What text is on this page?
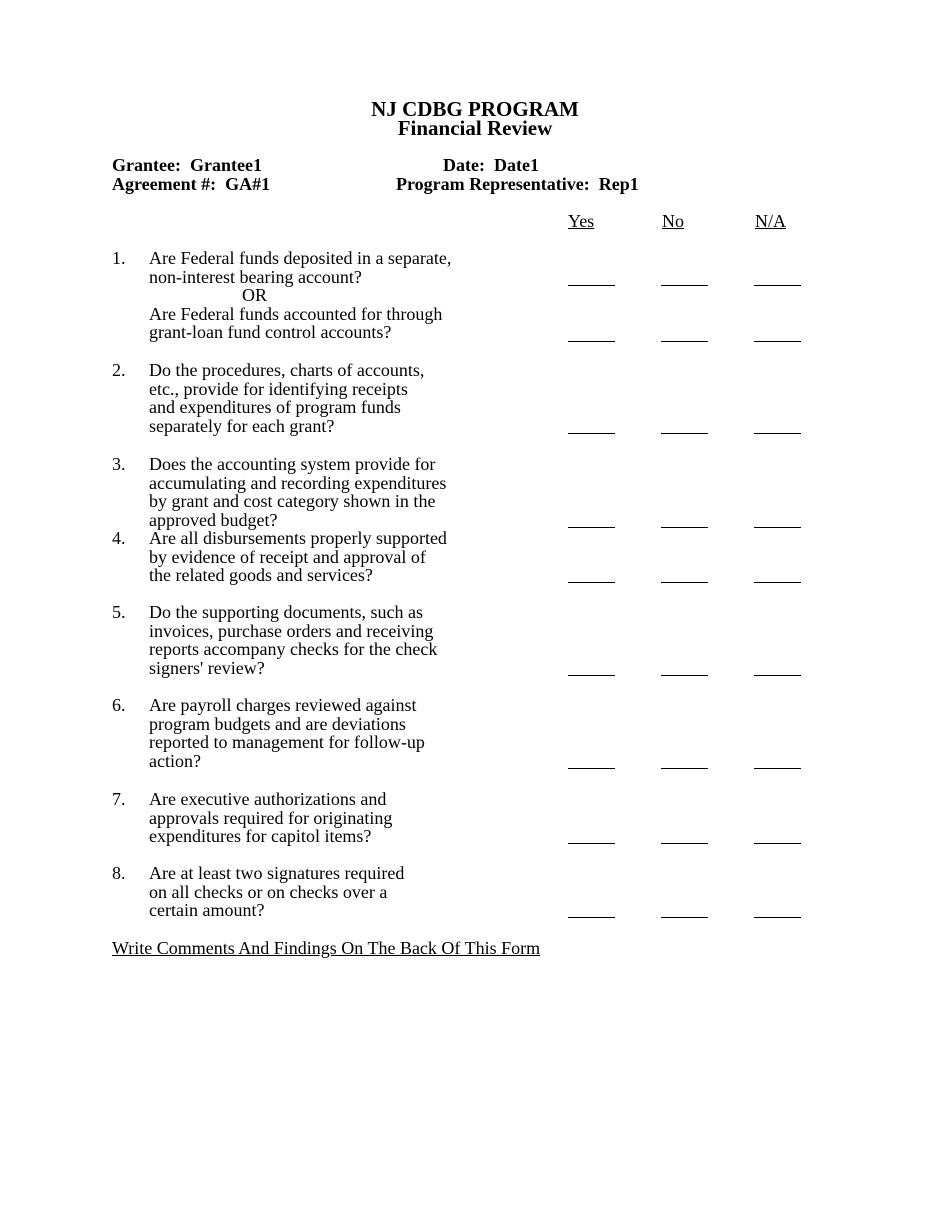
NJ CDBG PROGRAM
Financial Review
Grantee: Grantee1	Date: Date1
Agreement #: GA#1	Program Representative: Rep1
Yes	No	N/A
1. Are Federal funds deposited in a separate,
non-interest bearing account?
OR
Are Federal funds accounted for through
grant-loan fund control accounts?
2. Do the procedures, charts of accounts,
etc., provide for identifying receipts
and expenditures of program funds
separately for each grant?
3. Does the accounting system provide for
accumulating and recording expenditures
by grant and cost category shown in the
approved budget?
4. Are all disbursements properly supported
by evidence of receipt and approval of
the related goods and services?
5. Do the supporting documents, such as
invoices, purchase orders and receiving
reports accompany checks for the check
signers' review?
6. Are payroll charges reviewed against
program budgets and are deviations
reported to management for follow-up
action?
7. Are executive authorizations and
approvals required for originating
expenditures for capitol items?
8. Are at least two signatures required
on all checks or on checks over a
certain amount?
Write Comments And Findings On The Back Of This Form
